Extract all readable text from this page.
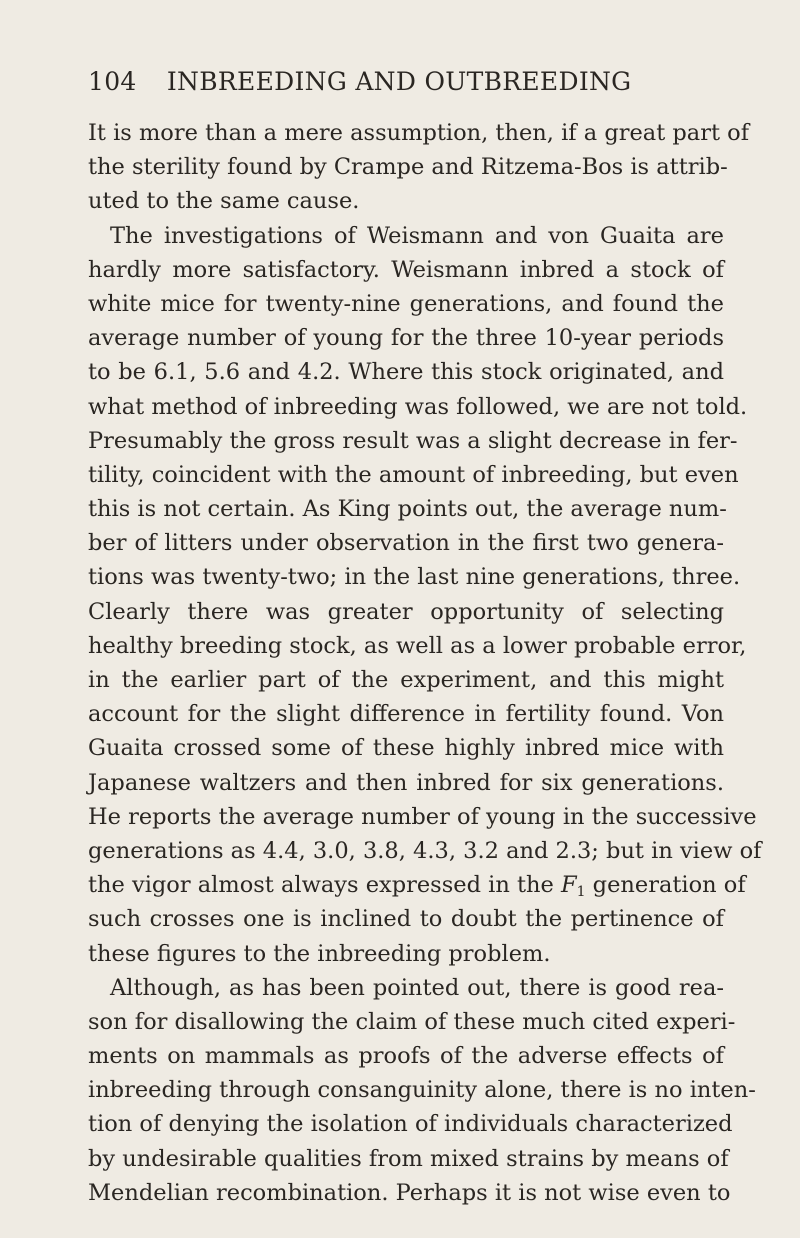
104 INBREEDING AND OUTBREEDING
It is more than a mere assumption, then, if a great part of
the sterility found by Crampe and Ritzema-Bos is attrib-
uted to the same cause.
The investigations of Weismann and von Guaita are
hardly more satisfactory. Weismann inbred a stock of
white mice for twenty-nine generations, and found the
average number of young for the three 10-year periods
to be 6.1, 5.6 and 4.2. Where this stock originated, and
what method of inbreeding was followed, we are not told.
Presumably the gross result was a slight decrease in fer-
tility, coincident with the amount of inbreeding, but even
this is not certain. As King points out, the average num-
ber of litters under observation in the first two genera-
tions was twenty-two; in the last nine generations, three.
Clearly there was greater opportunity of selecting
healthy breeding stock, as well as a lower probable error,
in the earlier part of the experiment, and this might
account for the slight difference in fertility found. Von
Guaita crossed some of these highly inbred mice with
Japanese waltzers and then inbred for six generations.
He reports the average number of young in the successive
generations as 4.4, 3.0, 3.8, 4.3, 3.2 and 2.3; but in view of
the vigor almost always expressed in the $F_1$ generation of
such crosses one is inclined to doubt the pertinence of
these figures to the inbreeding problem.
Although, as has been pointed out, there is good rea-
son for disallowing the claim of these much cited experi-
ments on mammals as proofs of the adverse effects of
inbreeding through consanguinity alone, there is no inten-
tion of denying the isolation of individuals characterized
by undesirable qualities from mixed strains by means of
Mendelian recombination. Perhaps it is not wise even to
